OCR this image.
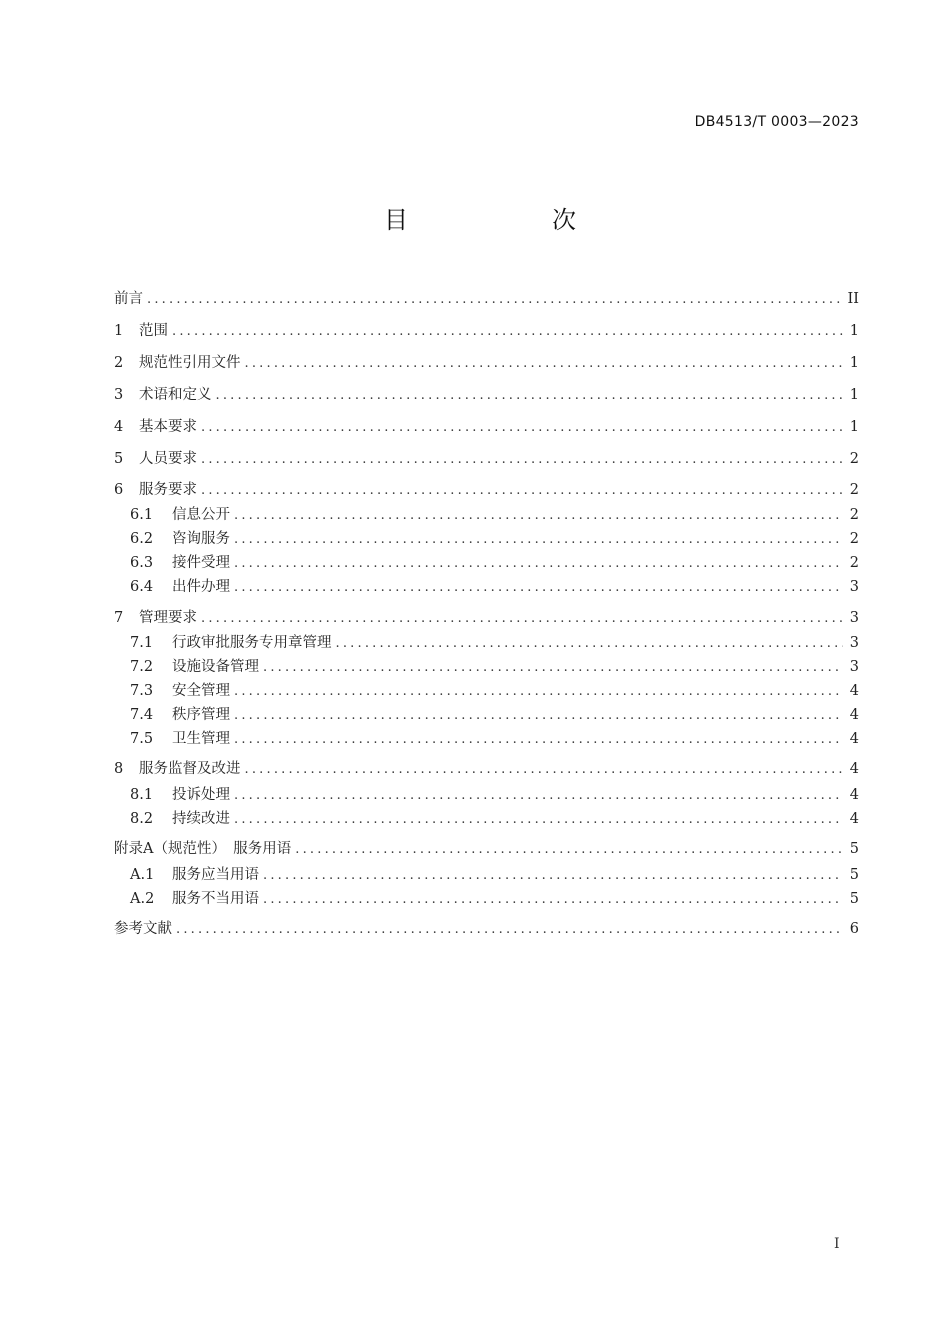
DB4513/T 0003—2023
目　次
前言 .....	II
1	范围 .....	1
2	规范性引用文件 .....	1
3	术语和定义 .....	1
4	基本要求 .....	1
5	人员要求 .....	2
6	服务要求 .....	2
6.1	信息公开 .....	2
6.2	咨询服务 .....	2
6.3	接件受理 .....	2
6.4	出件办理 .....	3
7	管理要求 .....	3
7.1	行政审批服务专用章管理 .....	3
7.2	设施设备管理 .....	3
7.3	安全管理 .....	4
7.4	秩序管理 .....	4
7.5	卫生管理 .....	4
8	服务监督及改进 .....	4
8.1	投诉处理 .....	4
8.2	持续改进 .....	4
附录A（规范性）　服务用语 .....	5
A.1	服务应当用语 .....	5
A.2	服务不当用语 .....	5
参考文献 .....	6
I
